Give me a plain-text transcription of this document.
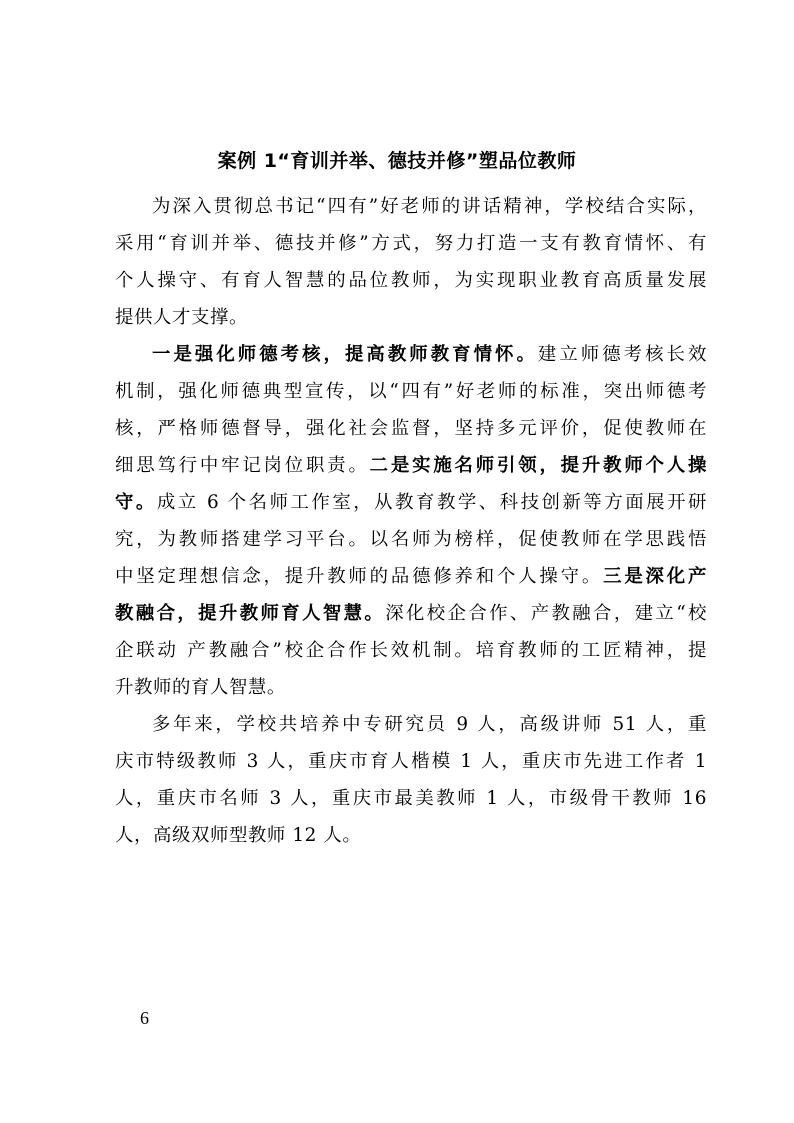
案例 1“育训并举、德技并修”塑品位教师
为深入贯彻总书记“四有”好老师的讲话精神，学校结合实际，
采用“育训并举、德技并修”方式，努力打造一支有教育情怀、有
个人操守、有育人智慧的品位教师，为实现职业教育高质量发展
提供人才支撑。
一是强化师德考核，提高教师教育情怀。建立师德考核长效
机制，强化师德典型宣传，以“四有”好老师的标准，突出师德考
核，严格师德督导，强化社会监督，坚持多元评价，促使教师在
细思笃行中牢记岗位职责。二是实施名师引领，提升教师个人操
守。成立 6 个名师工作室，从教育教学、科技创新等方面展开研
究，为教师搭建学习平台。以名师为榜样，促使教师在学思践悟
中坚定理想信念，提升教师的品德修养和个人操守。三是深化产
教融合，提升教师育人智慧。深化校企合作、产教融合，建立“校
企联动 产教融合”校企合作长效机制。培育教师的工匠精神，提
升教师的育人智慧。
多年来，学校共培养中专研究员 9 人，高级讲师 51 人，重
庆市特级教师 3 人，重庆市育人楷模 1 人，重庆市先进工作者 1
人，重庆市名师 3 人，重庆市最美教师 1 人，市级骨干教师 16
人，高级双师型教师 12 人。
6
